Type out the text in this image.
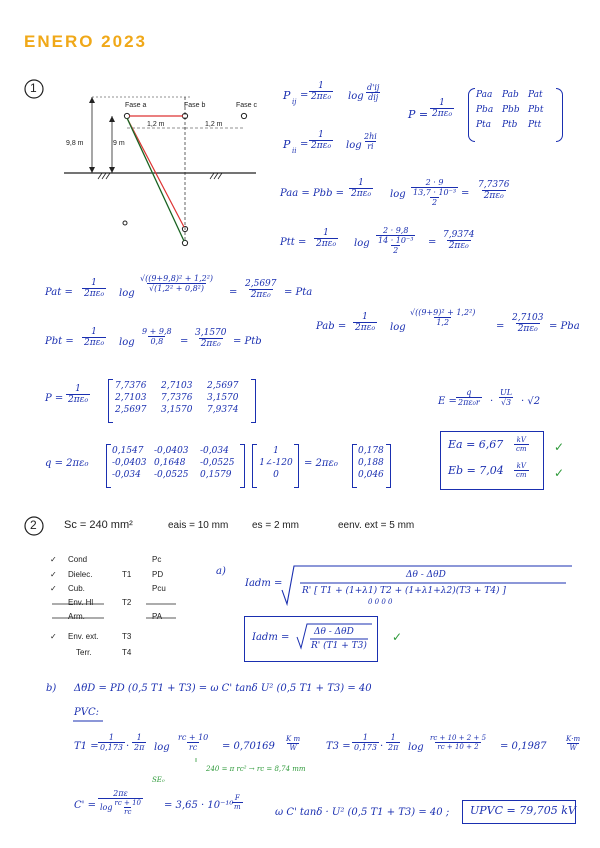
ENERO 2023
Fase a	Fase b	Fase c
1,2 m	1,2 m
9,8 m	9 m
1
P ij
= $\frac{1}{\text{2πε₀}}$ log
d'ij
dij
P ii
= $\frac{1}{\text{2πε₀}}$ $\log \frac{2hi}{ri}$
$P = \frac{1}{\text{2πε₀}}$
Paa	Pab	Pat
Pba Pbb Pbt
Pta	Ptb	Ptt
Paa = Pbb = $\frac{1}{\text{2πε₀}}$ log
2 · 9
13,7 · 10⁻³
2
= $\frac{7,7376}{\text{2πε₀}}$
Ptt = $\frac{1}{\text{2πε₀}}$ log
2 · 9,8
14 · 10⁻³
2
= $\frac{7,9374}{\text{2πε₀}}$
Pat = $\frac{1}{\text{2πε₀}}$ log
$\frac{\text{√((9+9,8)² + 1,2²)}}{\text{√(1,2² + 0,8²)}} = \frac{2,5697}{\text{2πε₀}}$ = Pta
Pbt = $\frac{1}{\text{2πε₀}}$ $\log \frac{9 + 9,8}{0,8} = \frac{3,1570}{\text{2πε₀}}$ = Ptb
Pab = $\frac{1}{\text{2πε₀}}$ log
$\frac{\text{√((9+9)² + 1,2²)}}{1,2} = \frac{2,7103}{\text{2πε₀}}$ = Pba
$P = \frac{1}{\text{2πε₀}}$	7,7376	2,7103	2,5697
2,7103	7,7376	3,1570
2,5697	3,1570	7,9374
$E = \frac{q}{\text{2πε₀r}} \cdot \frac{UL}{√3} \cdot √2$
q = 2πε₀
0,1547	-0,0403	-0,034
-0,0403 0,1648	-0,0525
-0,034	-0,0525	0,1579
1
1∠-120
0
= 2πε₀
0,178
0,188
0,046
$Ea = 6,67 \frac{kV}{cm}$
$Eb = 7,04 \frac{kV}{cm}$
✓
✓
2 Sc = 240 mm²	eais = 10 mm es = 2 mm	eenv. ext = 5 mm
✓ Cond	Pc
✓ Dielec.	T1	PD
✓ Cub.	Pcu
Env. Hl	T2
Arm.	PA
✓ Env. ext.	T3
Terr.	T4
a)
Iadm =
Δθ - ΔθD
R' [ T1 + (1+λ1) T2 + (1+λ1+λ2)(T3 + T4) ]
0 0 0 0
Iadm =	Δθ - ΔθD
R' (T1 + T3)
✓
b) ΔθD = PD (0,5 T1 + T3) = ω C' tanδ U² (0,5 T1 + T3) = 40
PVC:
$T1 = \frac{1}{0,173} \cdot \frac{1}{2\pi}$ $\log \frac{rc + 10}{rc} = 0,70169 \frac{\text{K m}}{W} T3 = \frac{1}{0,173} \cdot \frac{1}{2\pi}$ $\log \frac{rc + 10 + 2 + 5}{rc + 10 + 2} = 0,1987 \frac{K\cdot m}{W}$
240 = π rc² → rc = 8,74 mm
SE₀
C' = 2πε
log rc + 10
rc = 3,65 · 10⁻¹⁰
$\frac{F}{m}$
ω C' tanδ · U² (0,5 T1 + T3) = 40 ; UPVC = 79,705 kV
